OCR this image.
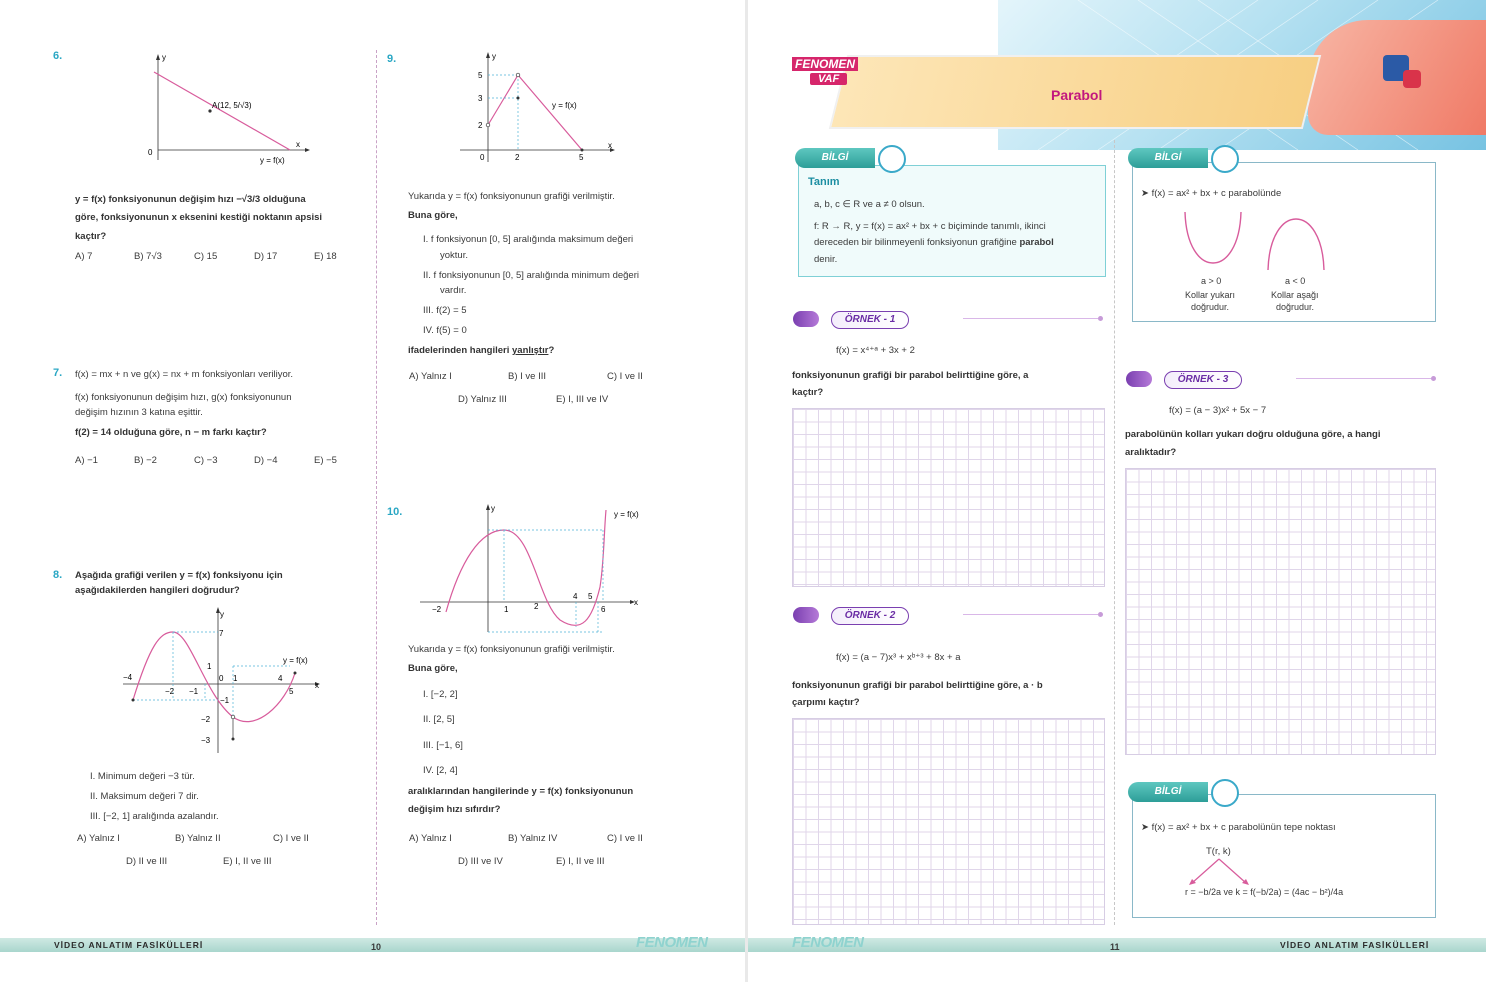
6.	y
x
0
A(12, 5/√3)
y = f(x)
y = f(x) fonksiyonunun değişim hızı −√3/3 olduğuna
göre, fonksiyonunun x eksenini kestiği noktanın apsisi
kaçtır?
A) 7	B) 7√3	C) 15	D) 17	E) 18
7. f(x) = mx + n ve g(x) = nx + m fonksiyonları veriliyor.
f(x) fonksiyonunun değişim hızı, g(x) fonksiyonunun
değişim hızının 3 katına eşittir.
f(2) = 14 olduğuna göre, n − m farkı kaçtır?
A) −1	B) −2	C) −3	D) −4	E) −5
8. Aşağıda grafiği verilen y = f(x) fonksiyonu için
aşağıdakilerden hangileri doğrudur?
y
x
7
1
−4
−2 −1
0 1	4
5
−1
−2
−3
y = f(x)
I. Minimum değeri −3 tür.
II. Maksimum değeri 7 dir.
III. [−2, 1] aralığında azalandır.
A) Yalnız I	B) Yalnız II	C) I ve II
D) II ve III	E) I, II ve III
9.	y
x
5
3
2
0	2	5
y = f(x)
Yukarıda y = f(x) fonksiyonunun grafiği verilmiştir.
Buna göre,
I. f fonksiyonun [0, 5] aralığında maksimum değeri
yoktur.
II. f fonksiyonunun [0, 5] aralığında minimum değeri
vardır.
III. f(2) = 5
IV. f(5) = 0
ifadelerinden hangileri yanlıştır?
A) Yalnız I	B) I ve III	C) I ve II
D) Yalnız III	E) I, III ve IV
10.	y
x
−2	1	2
4 5
6
y = f(x)
Yukarıda y = f(x) fonksiyonunun grafiği verilmiştir.
Buna göre,
I. [−2, 2]
II. [2, 5]
III. [−1, 6]
IV. [2, 4]
aralıklarından hangilerinde y = f(x) fonksiyonunun
değişim hızı sıfırdır?
A) Yalnız I	B) Yalnız IV	C) I ve II
D) III ve IV	E) I, II ve III
VİDEO ANLATIM FASİKÜLLERİ	10	FENOMEN
Parabol
FENOMEN
VAF
BİLGİ
Tanım
a, b, c ∈ R ve a ≠ 0 olsun.
f: R → R, y = f(x) = ax² + bx + c biçiminde tanımlı, ikinci
dereceden bir bilinmeyenli fonksiyonun grafiğine parabol
denir.
BİLGİ
➤ f(x) = ax² + bx + c parabolünde
a > 0
Kollar yukarı
doğrudur.
a < 0
Kollar aşağı
doğrudur.
ÖRNEK - 1
f(x) = x⁴⁺ᵃ + 3x + 2
fonksiyonunun grafiği bir parabol belirttiğine göre, a
kaçtır?
ÖRNEK - 2
f(x) = (a − 7)x³ + xᵇ⁺³ + 8x + a
fonksiyonunun grafiği bir parabol belirttiğine göre, a · b
çarpımı kaçtır?
ÖRNEK - 3
f(x) = (a − 3)x² + 5x − 7
parabolünün kolları yukarı doğru olduğuna göre, a hangi
aralıktadır?
BİLGİ
➤ f(x) = ax² + bx + c parabolünün tepe noktası
T(r, k)
r = −b/2a ve k = f(−b/2a) = (4ac − b²)/4a
FENOMEN	11	VİDEO ANLATIM FASİKÜLLERİ
